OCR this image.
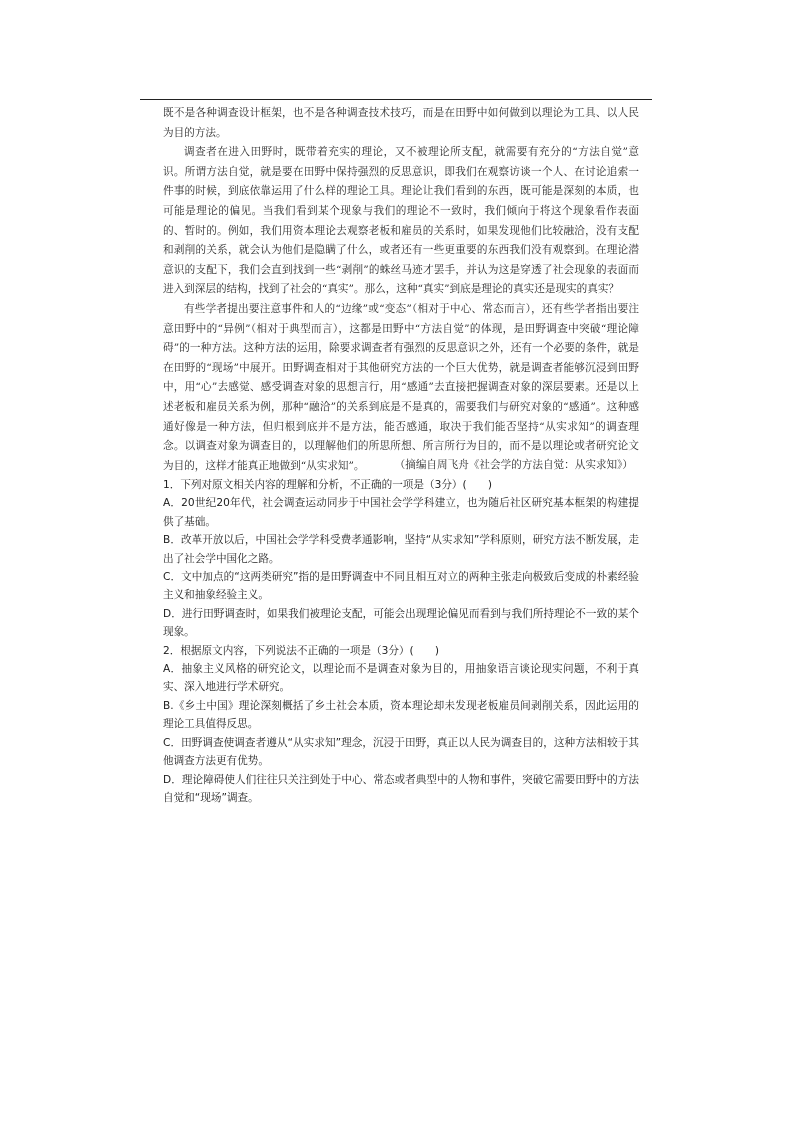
既不是各种调查设计框架，也不是各种调查技术技巧，而是在田野中如何做到以理论为工具、以人民为目的方法。

调查者在进入田野时，既带着充实的理论，又不被理论所支配，就需要有充分的“方法自觉”意识。所谓方法自觉，就是要在田野中保持强烈的反思意识，即我们在观察访谈一个人、在讨论追索一件事的时候，到底依靠运用了什么样的理论工具。理论让我们看到的东西，既可能是深刻的本质，也可能是理论的偏见。当我们看到某个现象与我们的理论不一致时，我们倾向于将这个现象看作表面的、暂时的。例如，我们用资本理论去观察老板和雇员的关系时，如果发现他们比较融洽，没有支配和剥削的关系，就会认为他们是隐瞒了什么，或者还有一些更重要的东西我们没有观察到。在理论潜意识的支配下，我们会直到找到一些“剥削”的蛛丝马迹才罢手，并认为这是穿透了社会现象的表面而进入到深层的结构，找到了社会的“真实”。那么，这种“真实”到底是理论的真实还是现实的真实？

有些学者提出要注意事件和人的“边缘”或“变态”（相对于中心、常态而言），还有些学者指出要注意田野中的“异例”（相对于典型而言），这都是田野中“方法自觉”的体现，是田野调查中突破“理论障碍”的一种方法。这种方法的运用，除要求调查者有强烈的反思意识之外，还有一个必要的条件，就是在田野的“现场”中展开。田野调查相对于其他研究方法的一个巨大优势，就是调查者能够沉浸到田野中，用“心”去感觉、感受调查对象的思想言行，用“感通”去直接把握调查对象的深层要素。还是以上述老板和雇员关系为例，那种“融洽”的关系到底是不是真的，需要我们与研究对象的“感通”。这种感通好像是一种方法，但归根到底并不是方法，能否感通，取决于我们能否坚持“从实求知”的调查理念。以调查对象为调查目的，以理解他们的所思所想、所言所行为目的，而不是以理论或者研究论文为目的，这样才能真正地做到“从实求知”。	（摘编自周飞舟《社会学的方法自觉：从实求知》）

1．下列对原文相关内容的理解和分析，不正确的一项是（3分）(　　)

A．20世纪20年代，社会调查运动同步于中国社会学学科建立，也为随后社区研究基本框架的构建提供了基础。

B．改革开放以后，中国社会学学科受费孝通影响，坚持“从实求知”学科原则，研究方法不断发展，走出了社会学中国化之路。

C．文中加点的“这两类研究”指的是田野调查中不同且相互对立的两种主张走向极致后变成的朴素经验主义和抽象经验主义。

D．进行田野调查时，如果我们被理论支配，可能会出现理论偏见而看到与我们所持理论不一致的某个现象。

2．根据原文内容，下列说法不正确的一项是（3分）(　　)

A．抽象主义风格的研究论文，以理论而不是调查对象为目的，用抽象语言谈论现实问题，不利于真实、深入地进行学术研究。

B.《乡土中国》理论深刻概括了乡土社会本质，资本理论却未发现老板雇员间剥削关系，因此运用的理论工具值得反思。

C．田野调查使调查者遵从“从实求知”理念，沉浸于田野，真正以人民为调查目的，这种方法相较于其他调查方法更有优势。

D．理论障碍使人们往往只关注到处于中心、常态或者典型中的人物和事件，突破它需要田野中的方法自觉和“现场”调查。
